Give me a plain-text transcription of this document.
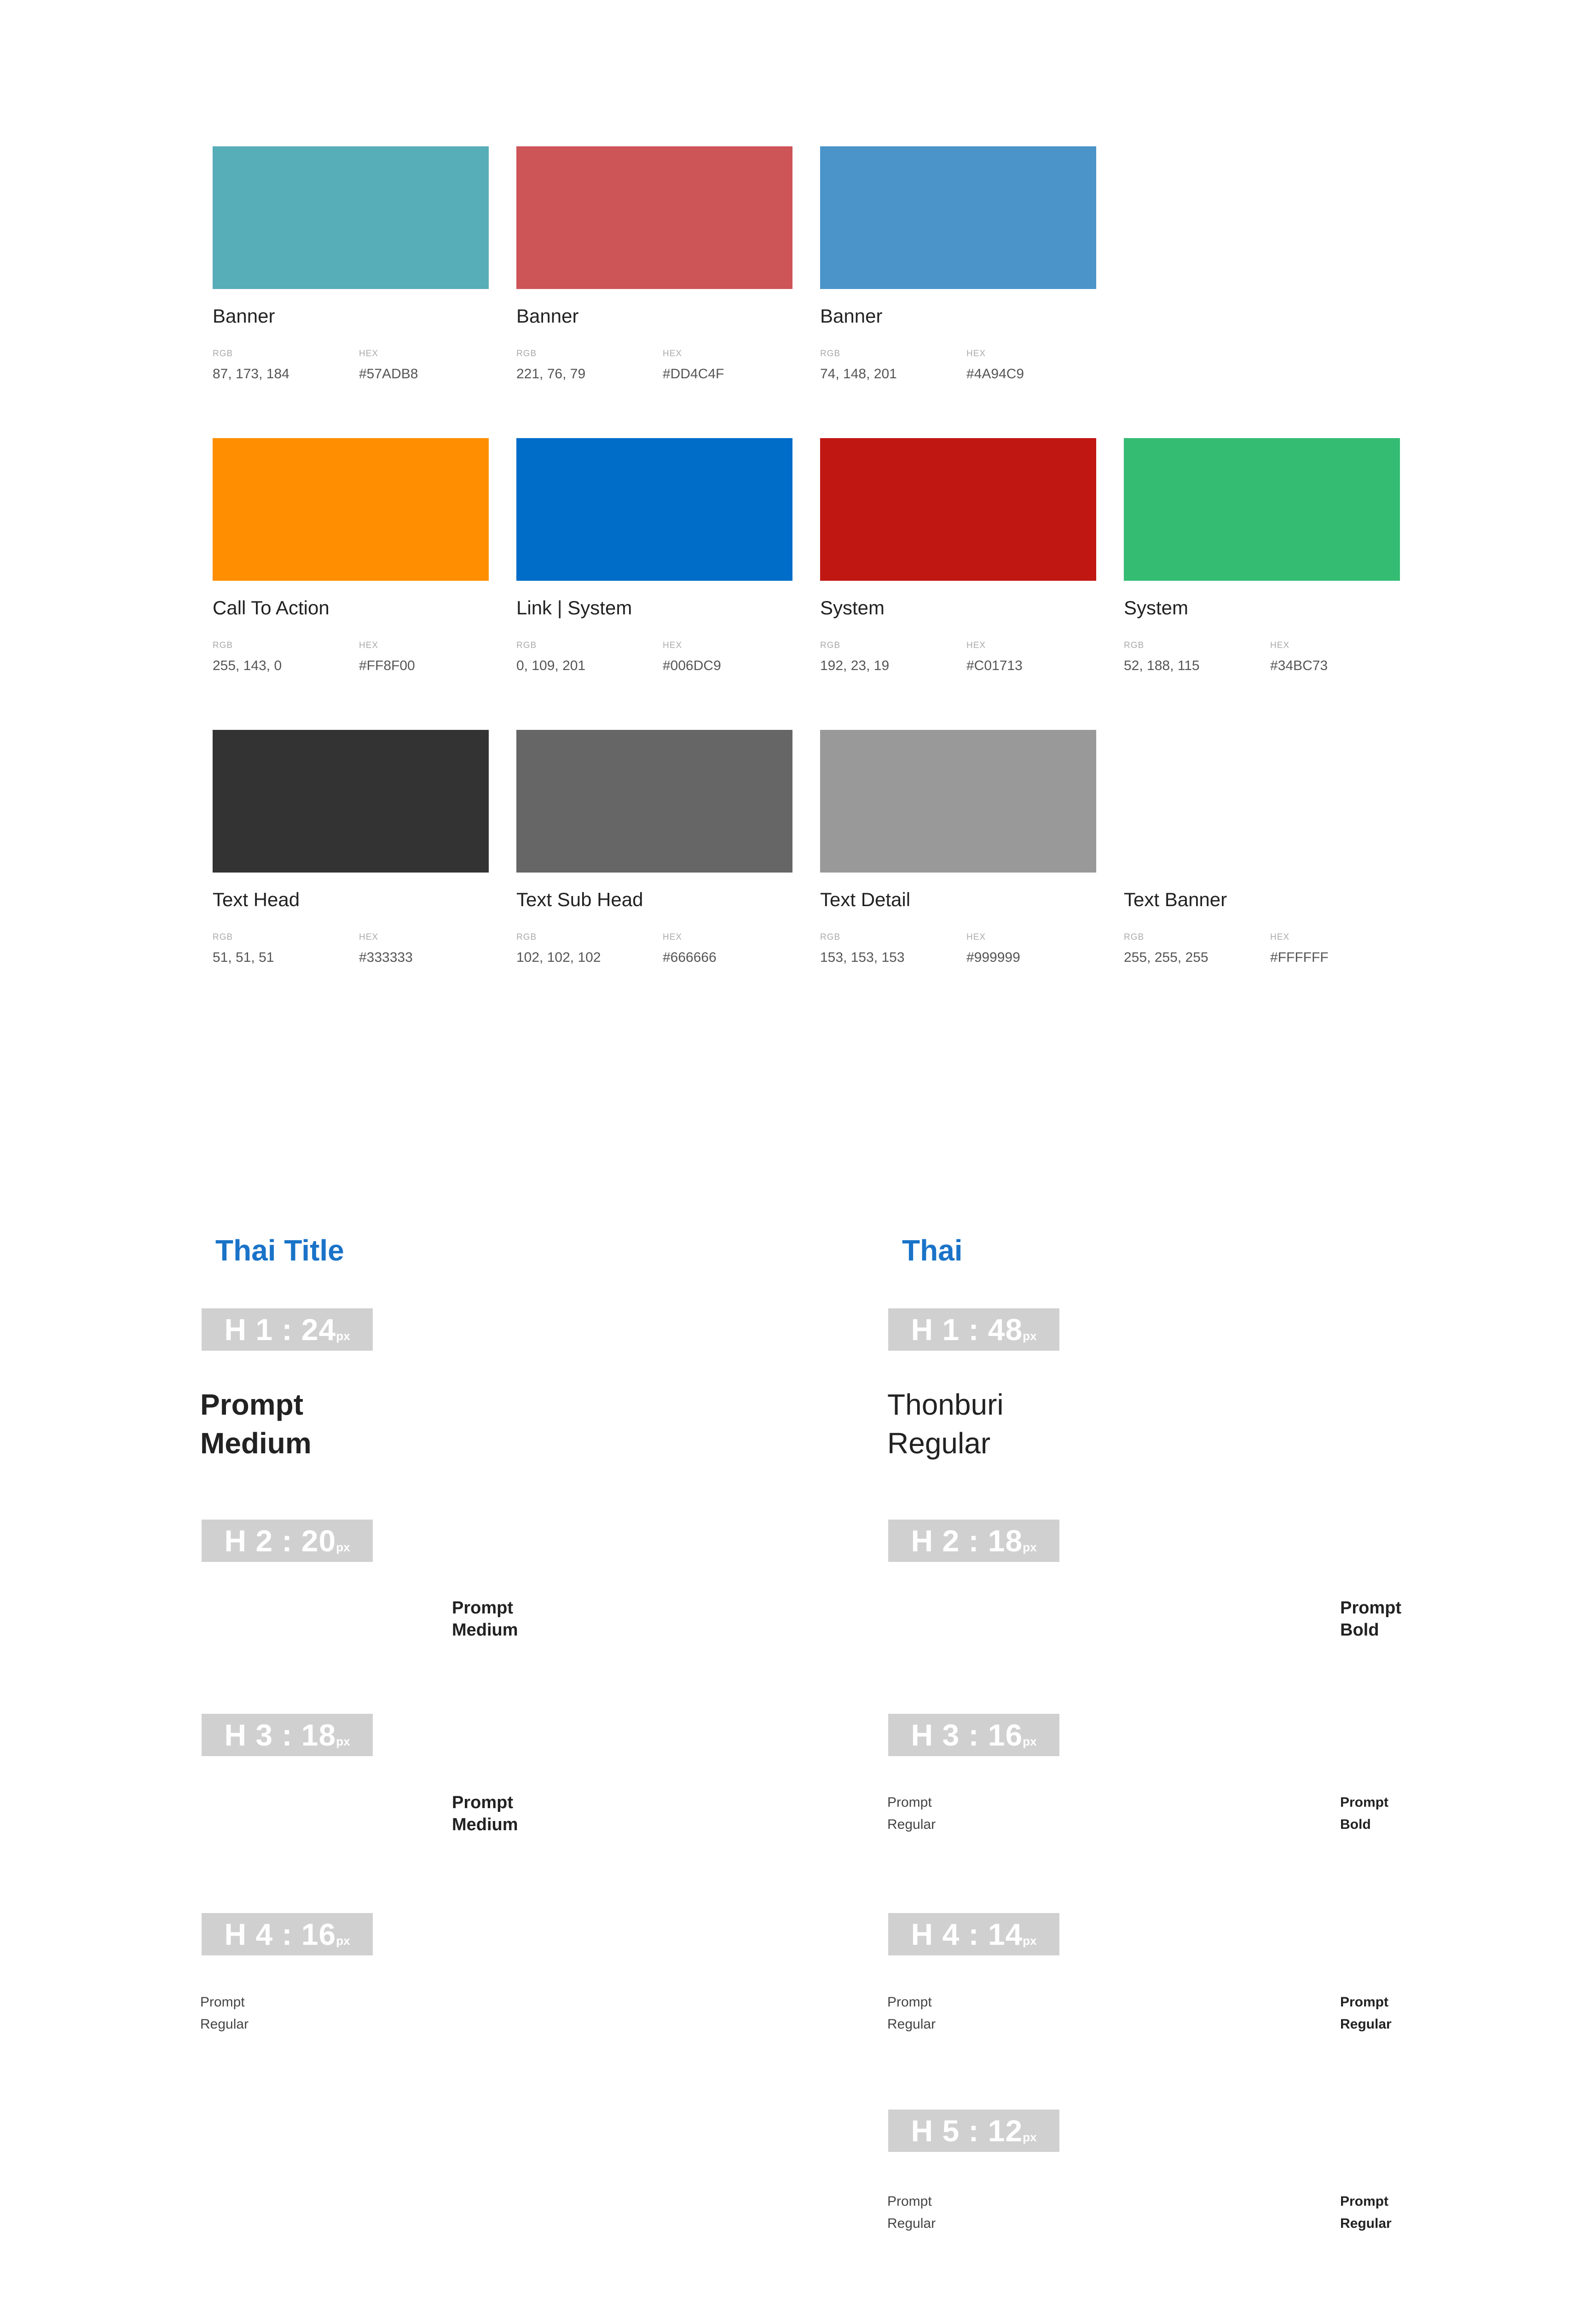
Banner
RGB
87, 173, 184
HEX
#57ADB8
Banner
RGB
221, 76, 79
HEX
#DD4C4F
Banner
RGB
74, 148, 201
HEX
#4A94C9
Call To Action
RGB
255, 143, 0
HEX
#FF8F00
Link | System
RGB
0, 109, 201
HEX
#006DC9
System
RGB
192, 23, 19
HEX
#C01713
System
RGB
52, 188, 115
HEX
#34BC73
Text Head
RGB
51, 51, 51
HEX
#333333
Text Sub Head
RGB
102, 102, 102
HEX
#666666
Text Detail
RGB
153, 153, 153
HEX
#999999
Text Banner
RGB
255, 255, 255
HEX
#FFFFFF
Thai Title	Thai
H 1 : 24px
Prompt
Medium
H 2 : 20px
Prompt
Medium
H 3 : 18px
Prompt
Medium
H 4 : 16px
Prompt
Regular
H 1 : 48px
Thonburi
Regular
H 2 : 18px
Prompt
Bold
H 3 : 16px
Prompt
Regular
Prompt
Bold
H 4 : 14px
Prompt
Regular
Prompt
Regular
H 5 : 12px
Prompt
Regular
Prompt
Regular
